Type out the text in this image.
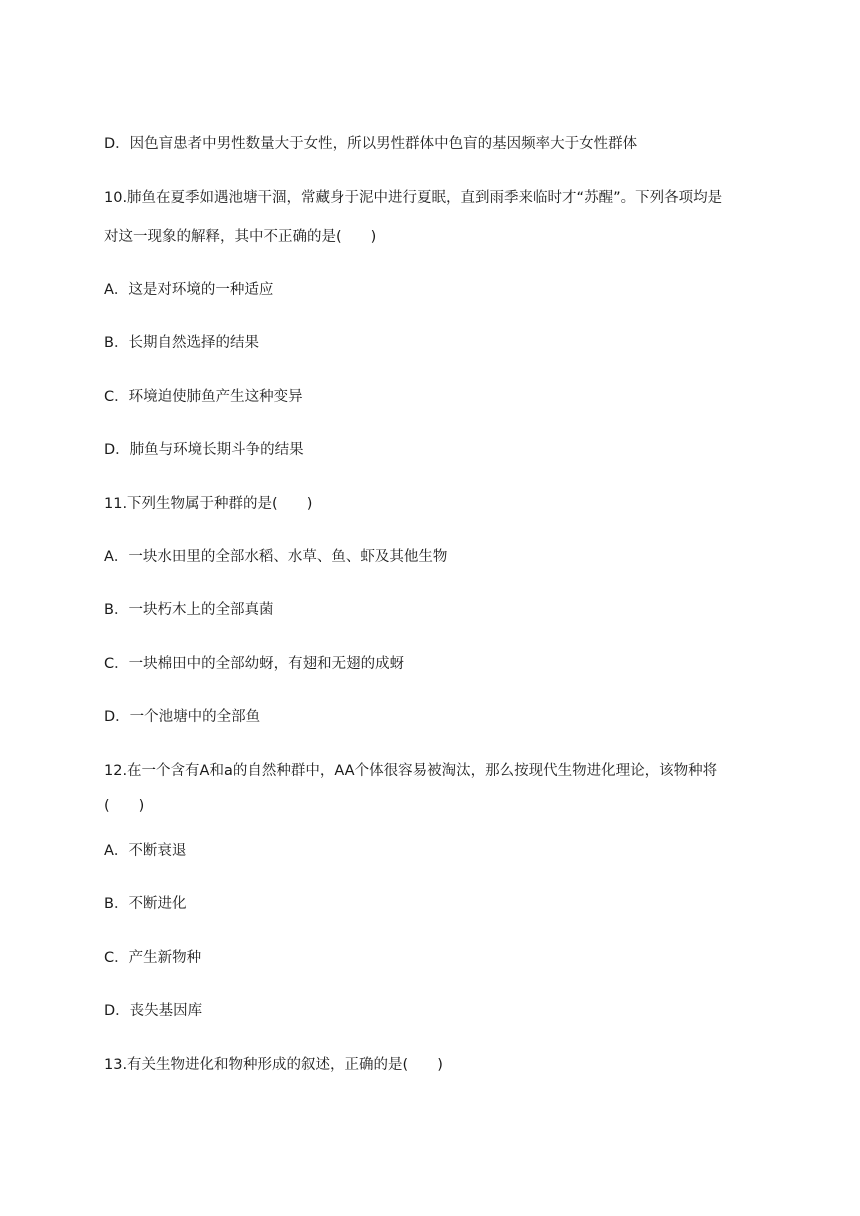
D．因色盲患者中男性数量大于女性，所以男性群体中色盲的基因频率大于女性群体
10.肺鱼在夏季如遇池塘干涸，常藏身于泥中进行夏眠，直到雨季来临时才“苏醒”。下列各项均是
对这一现象的解释，其中不正确的是(　　)
A．这是对环境的一种适应
B．长期自然选择的结果
C．环境迫使肺鱼产生这种变异
D．肺鱼与环境长期斗争的结果
11.下列生物属于种群的是(　　)
A．一块水田里的全部水稻、水草、鱼、虾及其他生物
B．一块朽木上的全部真菌
C．一块棉田中的全部幼蚜，有翅和无翅的成蚜
D．一个池塘中的全部鱼
12.在一个含有A和a的自然种群中，AA个体很容易被淘汰，那么按现代生物进化理论，该物种将
(　　)
A．不断衰退
B．不断进化
C．产生新物种
D．丧失基因库
13.有关生物进化和物种形成的叙述，正确的是(　　)
